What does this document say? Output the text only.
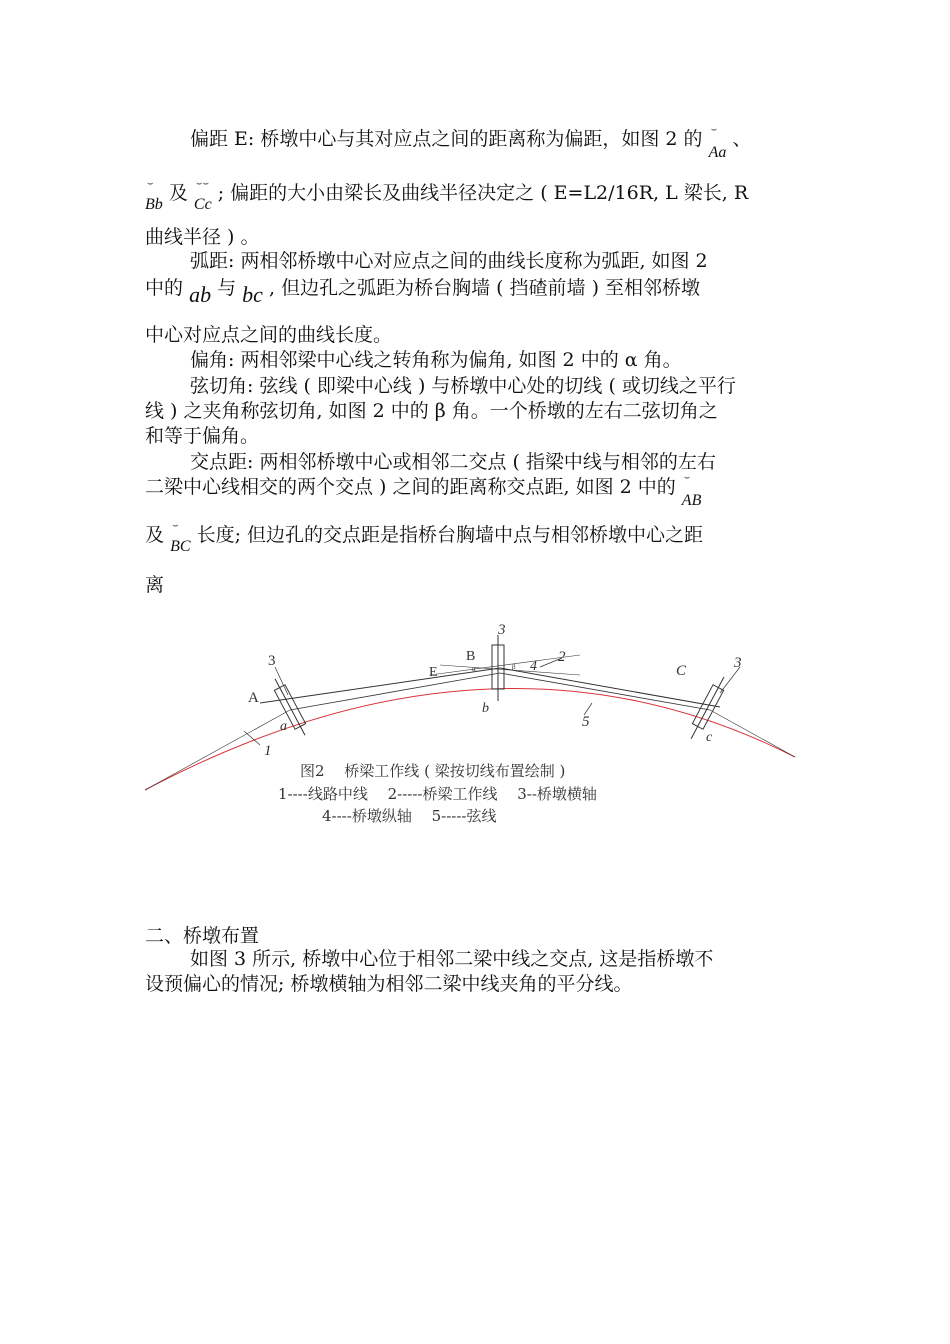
偏距 E: 桥墩中心与其对应点之间的距离称为偏距，如图 2 的 ⌣
$_{Aa}$ 、
⌣
$_{Bb}$ 及 ⌣⌣
$_{Cc}$ ; 偏距的大小由梁长及曲线半径决定之 ( E=L2/16R, L 梁长, R
曲线半径 ) 。
弧距: 两相邻桥墩中心对应点之间的曲线长度称为弧距, 如图 2
中的 ab 与 bc , 但边孔之弧距为桥台胸墙 ( 挡碴前墙 ) 至相邻桥墩
中心对应点之间的曲线长度。
偏角: 两相邻梁中心线之转角称为偏角, 如图 2 中的 α 角。
弦切角: 弦线 ( 即梁中心线 ) 与桥墩中心处的切线 ( 或切线之平行
线 ) 之夹角称弦切角, 如图 2 中的 β 角。一个桥墩的左右二弦切角之
和等于偏角。
交点距: 两相邻桥墩中心或相邻二交点 ( 指梁中线与相邻的左右
二梁中心线相交的两个交点 ) 之间的距离称交点距, 如图 2 中的 ⌣
$_{AB}$
及 ⌣
$_{BC}$ 长度; 但边孔的交点距是指桥台胸墙中点与相邻桥墩中心之距
离
3
A
a
1
3
B
E
b
4
2
5
C	3
c
α	β
图2　 桥梁工作线 ( 梁按切线布置绘制 )
1----线路中线　 2-----桥梁工作线　 3--桥墩横轴
4----桥墩纵轴　 5-----弦线
二、桥墩布置
如图 3 所示, 桥墩中心位于相邻二梁中线之交点, 这是指桥墩不
设预偏心的情况; 桥墩横轴为相邻二梁中线夹角的平分线。
